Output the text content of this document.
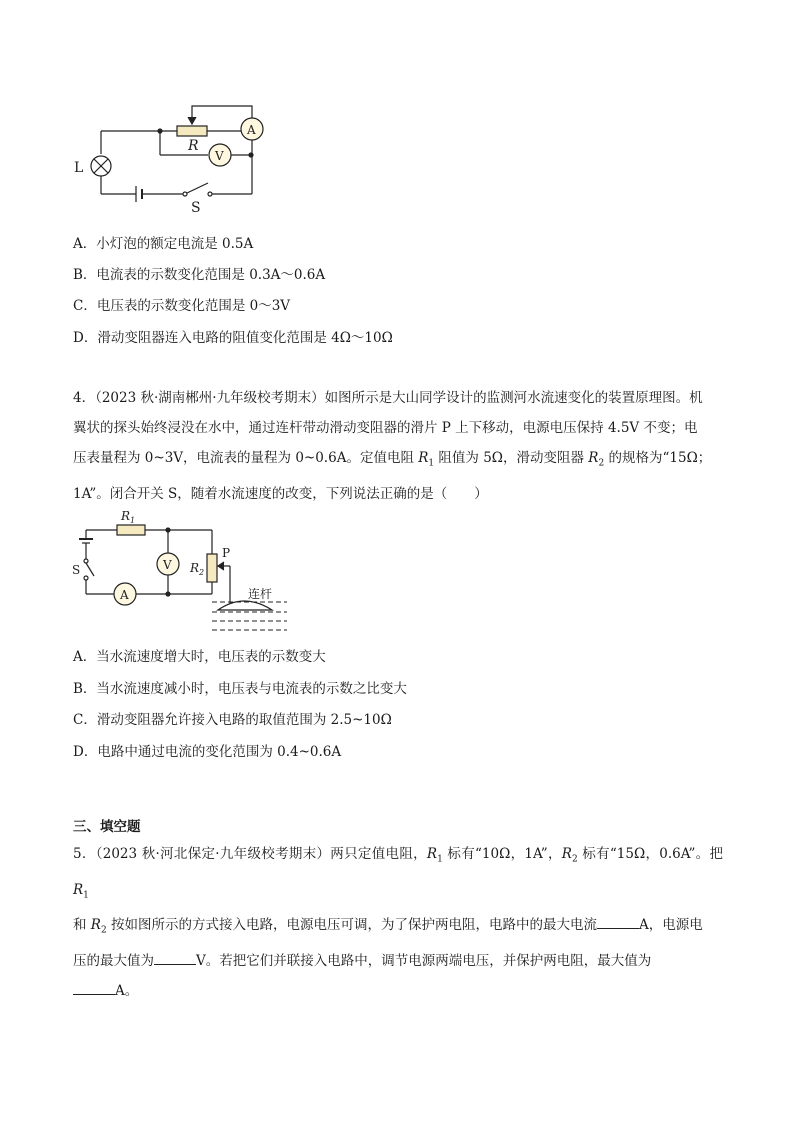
L
R
V
A
S
A．小灯泡的额定电流是 0.5A
B．电流表的示数变化范围是 0.3A～0.6A
C．电压表的示数变化范围是 0～3V
D．滑动变阻器连入电路的阻值变化范围是 4Ω～10Ω
4．（2023 秋·湖南郴州·九年级校考期末）如图所示是大山同学设计的监测河水流速变化的装置原理图。机
翼状的探头始终浸没在水中，通过连杆带动滑动变阻器的滑片 P 上下移动，电源电压保持 4.5V 不变；电
压表量程为 0~3V，电流表的量程为 0~0.6A。定值电阻 $R_1$ 阻值为 5Ω，滑动变阻器 $R_2$ 的规格为“15Ω；
1A”。闭合开关 S，随着水流速度的改变，下列说法正确的是（　　）
$R_1$
V $R_2$
P
S
A	连杆
A．当水流速度增大时，电压表的示数变大
B．当水流速度减小时，电压表与电流表的示数之比变大
C．滑动变阻器允许接入电路的取值范围为 2.5~10Ω
D．电路中通过电流的变化范围为 0.4~0.6A
三、填空题
5．（2023 秋·河北保定·九年级校考期末）两只定值电阻，$R_1$ 标有“10Ω，1A”，$R_2$ 标有“15Ω，0.6A”。把 $R_1$
和 $R_2$ 按如图所示的方式接入电路，电源电压可调，为了保护两电阻，电路中的最大电流	A，电源电
压的最大值为	V。若把它们并联接入电路中，调节电源两端电压，并保护两电阻，最大值为
A。
